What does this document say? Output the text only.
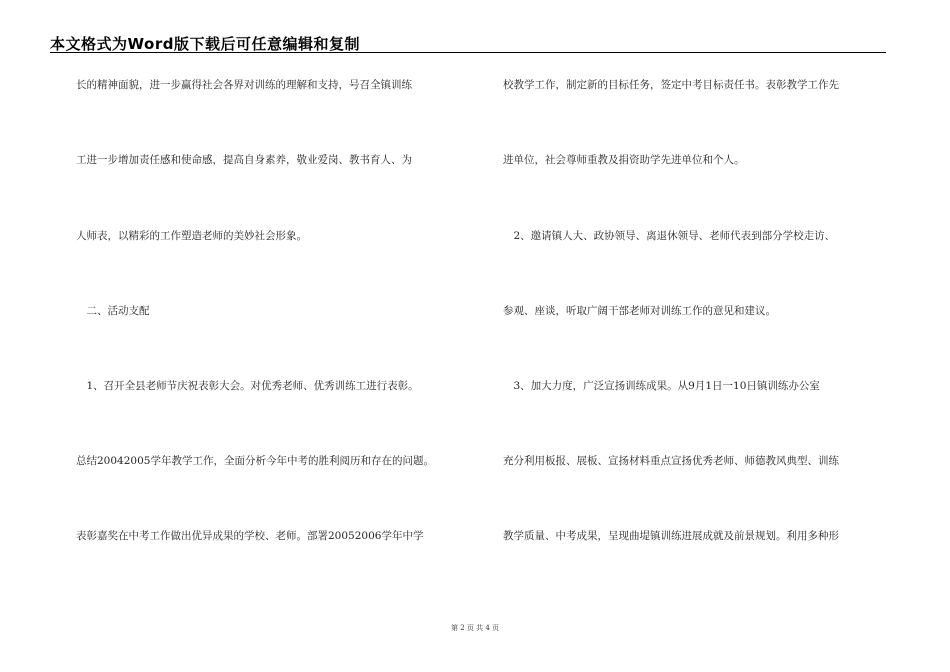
本文格式为Word版下载后可任意编辑和复制
长的精神面貌，进一步赢得社会各界对训练的理解和支持，号召全镇训练
工进一步增加责任感和使命感，提高自身素养，敬业爱岗、教书育人、为
人师表，以精彩的工作塑造老师的美妙社会形象。
　二、活动支配
　1、召开全县老师节庆祝表彰大会。对优秀老师、优秀训练工进行表彰。
总结20042005学年教学工作，全面分析今年中考的胜利阅历和存在的问题。
表彰嘉奖在中考工作做出优异成果的学校、老师。部署20052006学年中学
校教学工作，制定新的目标任务，签定中考目标责任书。表彰教学工作先
进单位，社会尊师重教及捐资助学先进单位和个人。
　2、邀请镇人大、政协领导、离退休领导、老师代表到部分学校走访、
参观、座谈，听取广阔干部老师对训练工作的意见和建议。
　3、加大力度，广泛宣扬训练成果。从9月1日一10日镇训练办公室
充分利用板报、展板、宣扬材料重点宣扬优秀老师、师德教风典型、训练
教学质量、中考成果，呈现曲堤镇训练进展成就及前景规划。利用多种形
第 2 页 共 4 页
